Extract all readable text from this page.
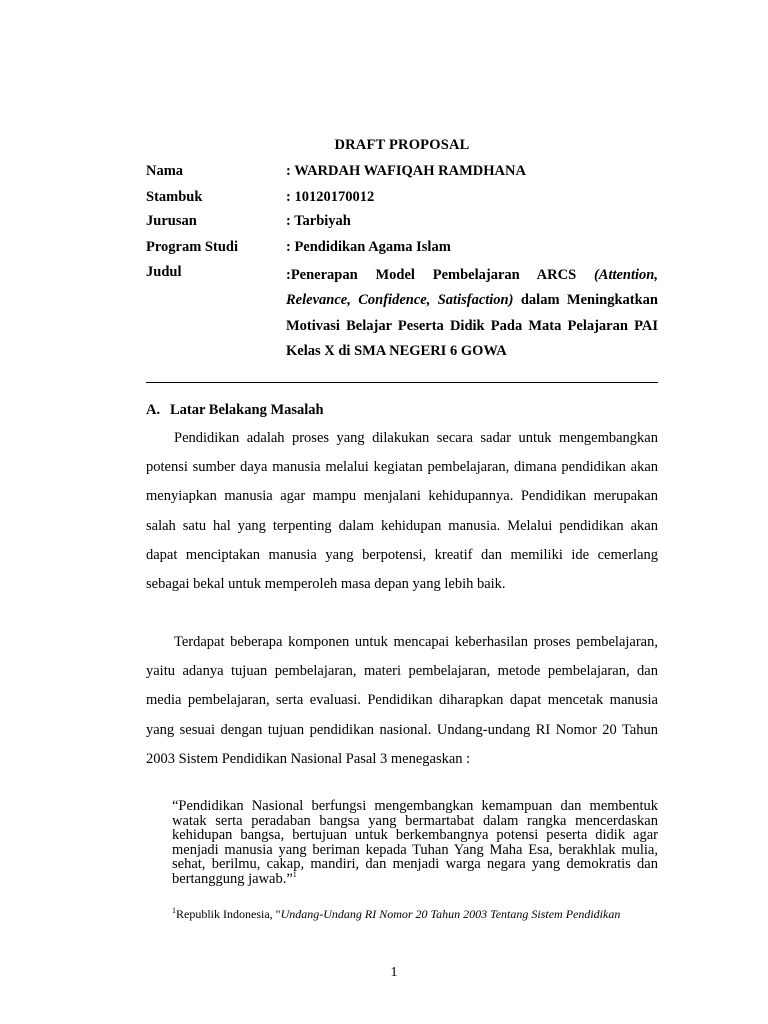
DRAFT PROPOSAL
Nama	: WARDAH WAFIQAH RAMDHANA
Stambuk	: 10120170012
Jurusan	: Tarbiyah
Program Studi	: Pendidikan Agama Islam
Judul	:Penerapan Model Pembelajaran ARCS (Attention, Relevance, Confidence, Satisfaction) dalam Meningkatkan Motivasi Belajar Peserta Didik Pada Mata Pelajaran PAI Kelas X di SMA NEGERI 6 GOWA

A. Latar Belakang Masalah

Pendidikan adalah proses yang dilakukan secara sadar untuk mengembangkan potensi sumber daya manusia melalui kegiatan pembelajaran, dimana pendidikan akan menyiapkan manusia agar mampu menjalani kehidupannya. Pendidikan merupakan salah satu hal yang terpenting dalam kehidupan manusia. Melalui pendidikan akan dapat menciptakan manusia yang berpotensi, kreatif dan memiliki ide cemerlang sebagai bekal untuk memperoleh masa depan yang lebih baik.

Terdapat beberapa komponen untuk mencapai keberhasilan proses pembelajaran, yaitu adanya tujuan pembelajaran, materi pembelajaran, metode pembelajaran, dan media pembelajaran, serta evaluasi. Pendidikan diharapkan dapat mencetak manusia yang sesuai dengan tujuan pendidikan nasional. Undang-undang RI Nomor 20 Tahun 2003 Sistem Pendidikan Nasional Pasal 3 menegaskan :

“Pendidikan Nasional berfungsi mengembangkan kemampuan dan membentuk watak serta peradaban bangsa yang bermartabat dalam rangka mencerdaskan kehidupan bangsa, bertujuan untuk berkembangnya potensi peserta didik agar menjadi manusia yang beriman kepada Tuhan Yang Maha Esa, berakhlak mulia, sehat, berilmu, cakap, mandiri, dan menjadi warga negara yang demokratis dan bertanggung jawab.”$^1$

$^1$Republik Indonesia, "Undang-Undang RI Nomor 20 Tahun 2003 Tentang Sistem Pendidikan

1
